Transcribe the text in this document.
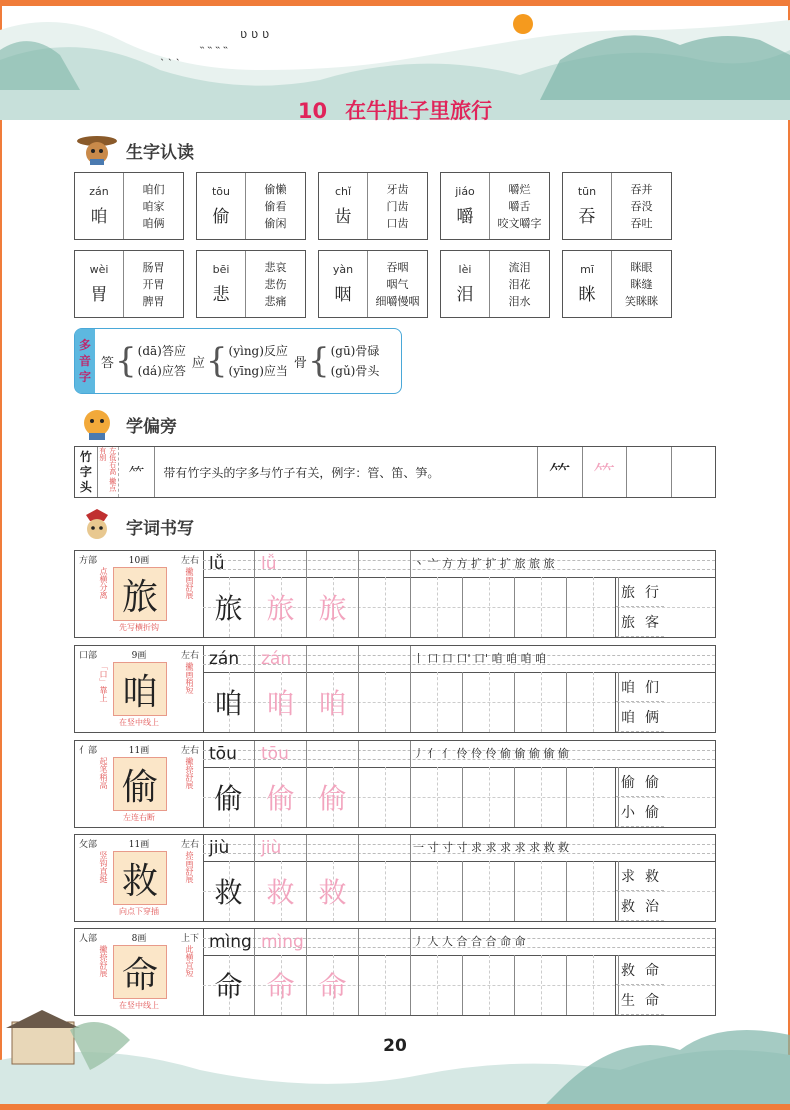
˴ ˴ ˴
˵ ˵ ˵ ˵
ʋ ʋ ʋ
10 在牛肚子里旅行
生字认读
zán
咱
咱们
咱家
咱俩
tōu
偷
偷懒
偷看
偷闲
chǐ
齿
牙齿
门齿
口齿
jiáo
嚼
嚼烂
嚼舌
咬文嚼字
tūn
吞
吞并
吞没
吞吐
wèi
胃
肠胃
开胃
脾胃
bēi
悲
悲哀
悲伤
悲痛
yàn
咽
吞咽
咽气
细嚼慢咽
lèi
泪
流泪
泪花
泪水
mī
眯
眯眼
眯缝
笑眯眯
多音字
答 { (dā)答应
(dá)应答
应 { (yìng)反应
(yīng)应当
骨 { (gū)骨碌
(gǔ)骨头
学偏旁
竹字头	左低右高 撇点有别
⺮	带有竹字头的字多与竹子有关，例字：管、笛、笋。	⺮	⺮
字词书写
方部	10画	左右
点横分离 旅	撇画舒展
先写横折钩
lǚ	lǚ	丶 亠 方 方 扩 扩 扩 旅 旅 旅
旅 旅 旅	旅 行
旅 客
口部	9画	左右
「口」靠上 咱	撇画稍短
在竖中线上
zán	zán	丨 口 口 口' 口' 咱 咱 咱 咱
咱 咱 咱	咱 们
咱 俩
亻部	11画	左右
起笔稍高 偷	撇捺舒展
左连右断
tōu	tōu	丿 亻 亻 伶 伶 伶 偷 偷 偷 偷 偷
偷 偷 偷	偷 偷
小 偷
攵部	11画	左右
竖钩直挺 救	捺画舒展
向点下穿插
jiù	jiù	一 寸 寸 寸 求 求 求 求 求 救 救
救 救 救	求 救
救 治
人部	8画	上下
撇捺舒展 命	此横宜短
在竖中线上
mìng mìng	丿 人 人 合 合 合 命 命
命 命 命	救 命
生 命
20
